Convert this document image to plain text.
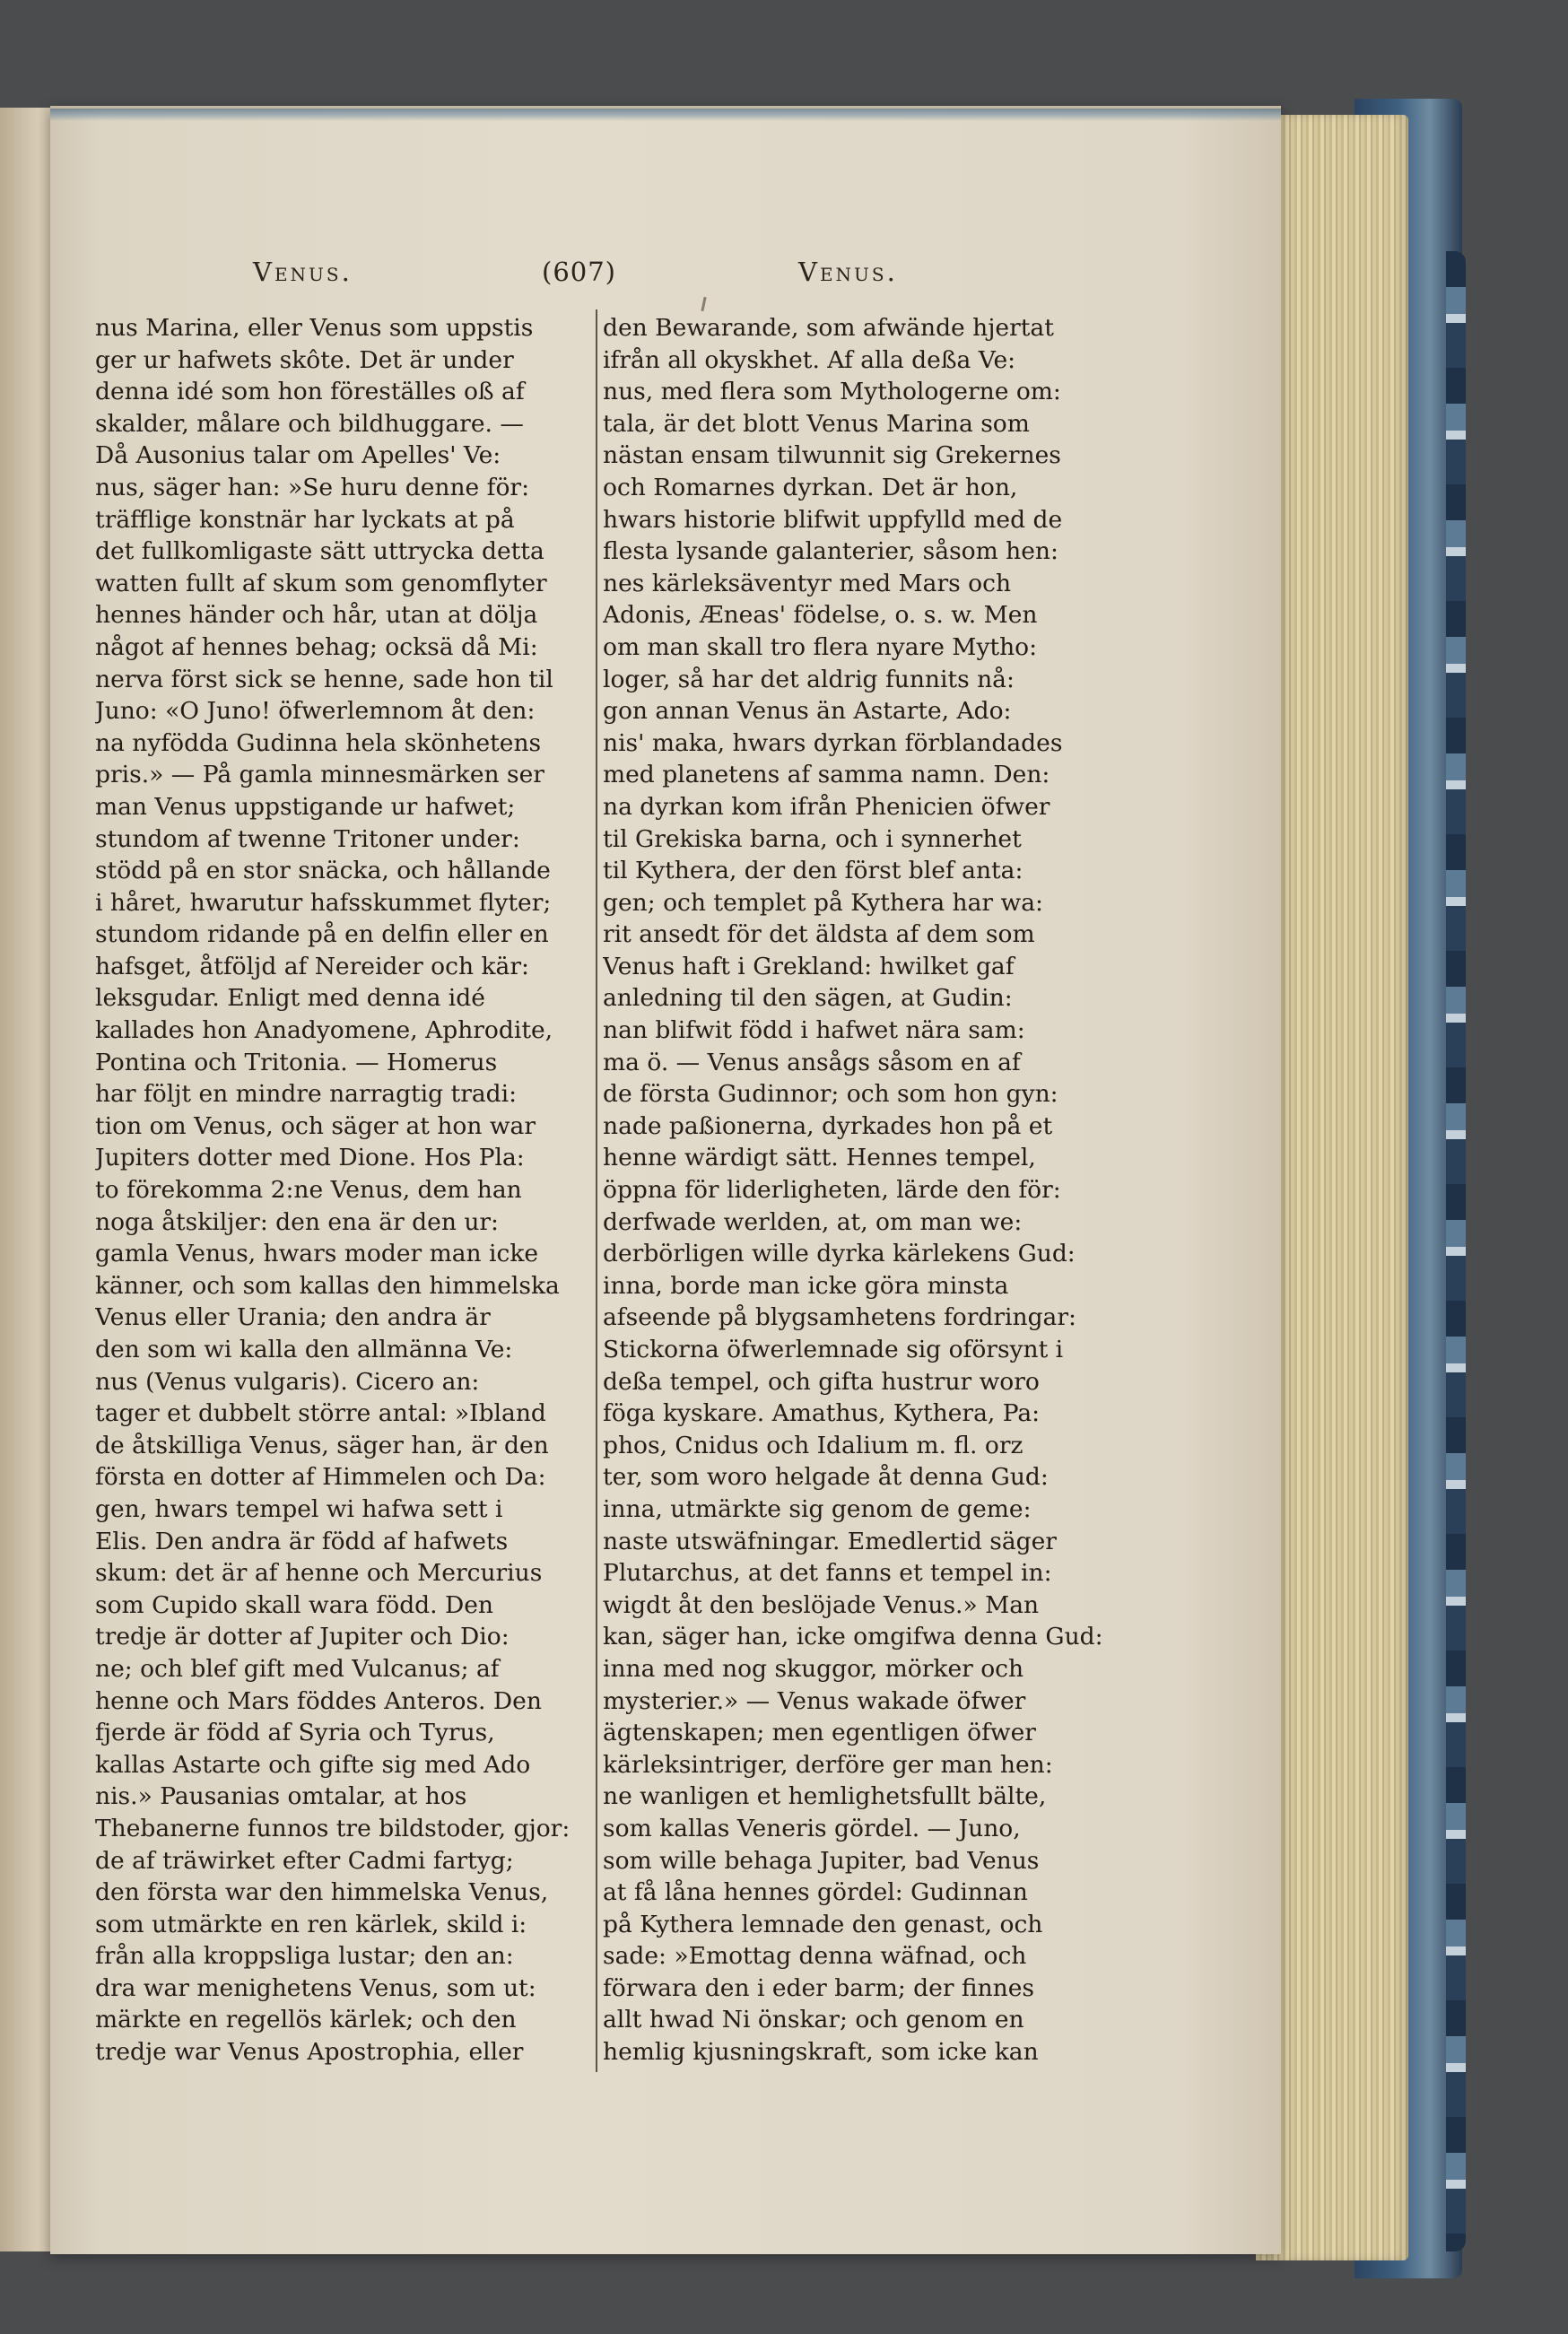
Venus.	(607)	Venus.
nus Marina, eller Venus som uppstis
ger ur hafwets skôte. Det är under
denna idé som hon föreställes oß af
skalder, målare och bildhuggare. —
Då Ausonius talar om Apelles' Ve:
nus, säger han: »Se huru denne för:
träfflige konstnär har lyckats at på
det fullkomligaste sätt uttrycka detta
watten fullt af skum som genomflyter
hennes händer och hår, utan at dölja
något af hennes behag; ocksä då Mi:
nerva först sick se henne, sade hon til
Juno: «O Juno! öfwerlemnom åt den:
na nyfödda Gudinna hela skönhetens
pris.» — På gamla minnesmärken ser
man Venus uppstigande ur hafwet;
stundom af twenne Tritoner under:
stödd på en stor snäcka, och hållande
i håret, hwarutur hafsskummet flyter;
stundom ridande på en delfin eller en
hafsget, åtföljd af Nereider och kär:
leksgudar. Enligt med denna idé
kallades hon Anadyomene, Aphrodite,
Pontina och Tritonia. — Homerus
har följt en mindre narragtig tradi:
tion om Venus, och säger at hon war
Jupiters dotter med Dione. Hos Pla:
to förekomma 2:ne Venus, dem han
noga åtskiljer: den ena är den ur:
gamla Venus, hwars moder man icke
känner, och som kallas den himmelska
Venus eller Urania; den andra är
den som wi kalla den allmänna Ve:
nus (Venus vulgaris). Cicero an:
tager et dubbelt större antal: »Ibland
de åtskilliga Venus, säger han, är den
första en dotter af Himmelen och Da:
gen, hwars tempel wi hafwa sett i
Elis. Den andra är född af hafwets
skum: det är af henne och Mercurius
som Cupido skall wara född. Den
tredje är dotter af Jupiter och Dio:
ne; och blef gift med Vulcanus; af
henne och Mars föddes Anteros. Den
fjerde är född af Syria och Tyrus,
kallas Astarte och gifte sig med Ado
nis.» Pausanias omtalar, at hos
Thebanerne funnos tre bildstoder, gjor:
de af träwirket efter Cadmi fartyg;
den första war den himmelska Venus,
som utmärkte en ren kärlek, skild i:
från alla kroppsliga lustar; den an:
dra war menighetens Venus, som ut:
märkte en regellös kärlek; och den
tredje war Venus Apostrophia, eller
den Bewarande, som afwände hjertat
ifrån all okyskhet. Af alla deßa Ve:
nus, med flera som Mythologerne om:
tala, är det blott Venus Marina som
nästan ensam tilwunnit sig Grekernes
och Romarnes dyrkan. Det är hon,
hwars historie blifwit uppfylld med de
flesta lysande galanterier, såsom hen:
nes kärleksäventyr med Mars och
Adonis, Æneas' födelse, o. s. w. Men
om man skall tro flera nyare Mytho:
loger, så har det aldrig funnits nå:
gon annan Venus än Astarte, Ado:
nis' maka, hwars dyrkan förblandades
med planetens af samma namn. Den:
na dyrkan kom ifrån Phenicien öfwer
til Grekiska barna, och i synnerhet
til Kythera, der den först blef anta:
gen; och templet på Kythera har wa:
rit ansedt för det äldsta af dem som
Venus haft i Grekland: hwilket gaf
anledning til den sägen, at Gudin:
nan blifwit född i hafwet nära sam:
ma ö. — Venus ansågs såsom en af
de första Gudinnor; och som hon gyn:
nade paßionerna, dyrkades hon på et
henne wärdigt sätt. Hennes tempel,
öppna för liderligheten, lärde den för:
derfwade werlden, at, om man we:
derbörligen wille dyrka kärlekens Gud:
inna, borde man icke göra minsta
afseende på blygsamhetens fordringar:
Stickorna öfwerlemnade sig oförsynt i
deßa tempel, och gifta hustrur woro
föga kyskare. Amathus, Kythera, Pa:
phos, Cnidus och Idalium m. fl. orz
ter, som woro helgade åt denna Gud:
inna, utmärkte sig genom de geme:
naste utswäfningar. Emedlertid säger
Plutarchus, at det fanns et tempel in:
wigdt åt den beslöjade Venus.» Man
kan, säger han, icke omgifwa denna Gud:
inna med nog skuggor, mörker och
mysterier.» — Venus wakade öfwer
ägtenskapen; men egentligen öfwer
kärleksintriger, derföre ger man hen:
ne wanligen et hemlighetsfullt bälte,
som kallas Veneris gördel. — Juno,
som wille behaga Jupiter, bad Venus
at få låna hennes gördel: Gudinnan
på Kythera lemnade den genast, och
sade: »Emottag denna wäfnad, och
förwara den i eder barm; der finnes
allt hwad Ni önskar; och genom en
hemlig kjusningskraft, som icke kan
